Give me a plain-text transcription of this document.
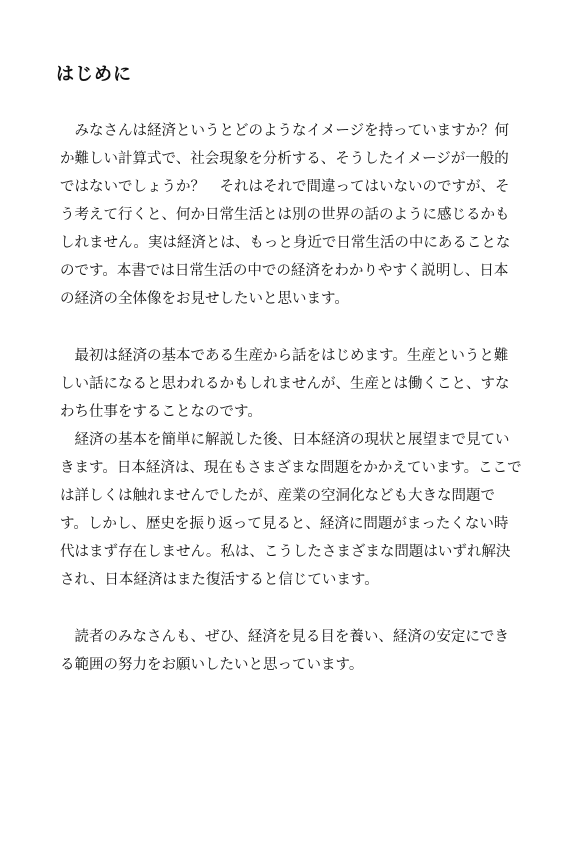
はじめに

みなさんは経済というとどのようなイメージを持っていますか？何か難しい計算式で、社会現象を分析する、そうしたイメージが一般的ではないでしょうか？　それはそれで間違ってはいないのですが、そう考えて行くと、何か日常生活とは別の世界の話のように感じるかもしれません。実は経済とは、もっと身近で日常生活の中にあることなのです。本書では日常生活の中での経済をわかりやすく説明し、日本の経済の全体像をお見せしたいと思います。

最初は経済の基本である生産から話をはじめます。生産というと難しい話になると思われるかもしれませんが、生産とは働くこと、すなわち仕事をすることなのです。

経済の基本を簡単に解説した後、日本経済の現状と展望まで見ていきます。日本経済は、現在もさまざまな問題をかかえています。ここでは詳しくは触れませんでしたが、産業の空洞化なども大きな問題です。しかし、歴史を振り返って見ると、経済に問題がまったくない時代はまず存在しません。私は、こうしたさまざまな問題はいずれ解決され、日本経済はまた復活すると信じています。

読者のみなさんも、ぜひ、経済を見る目を養い、経済の安定にできる範囲の努力をお願いしたいと思っています。
